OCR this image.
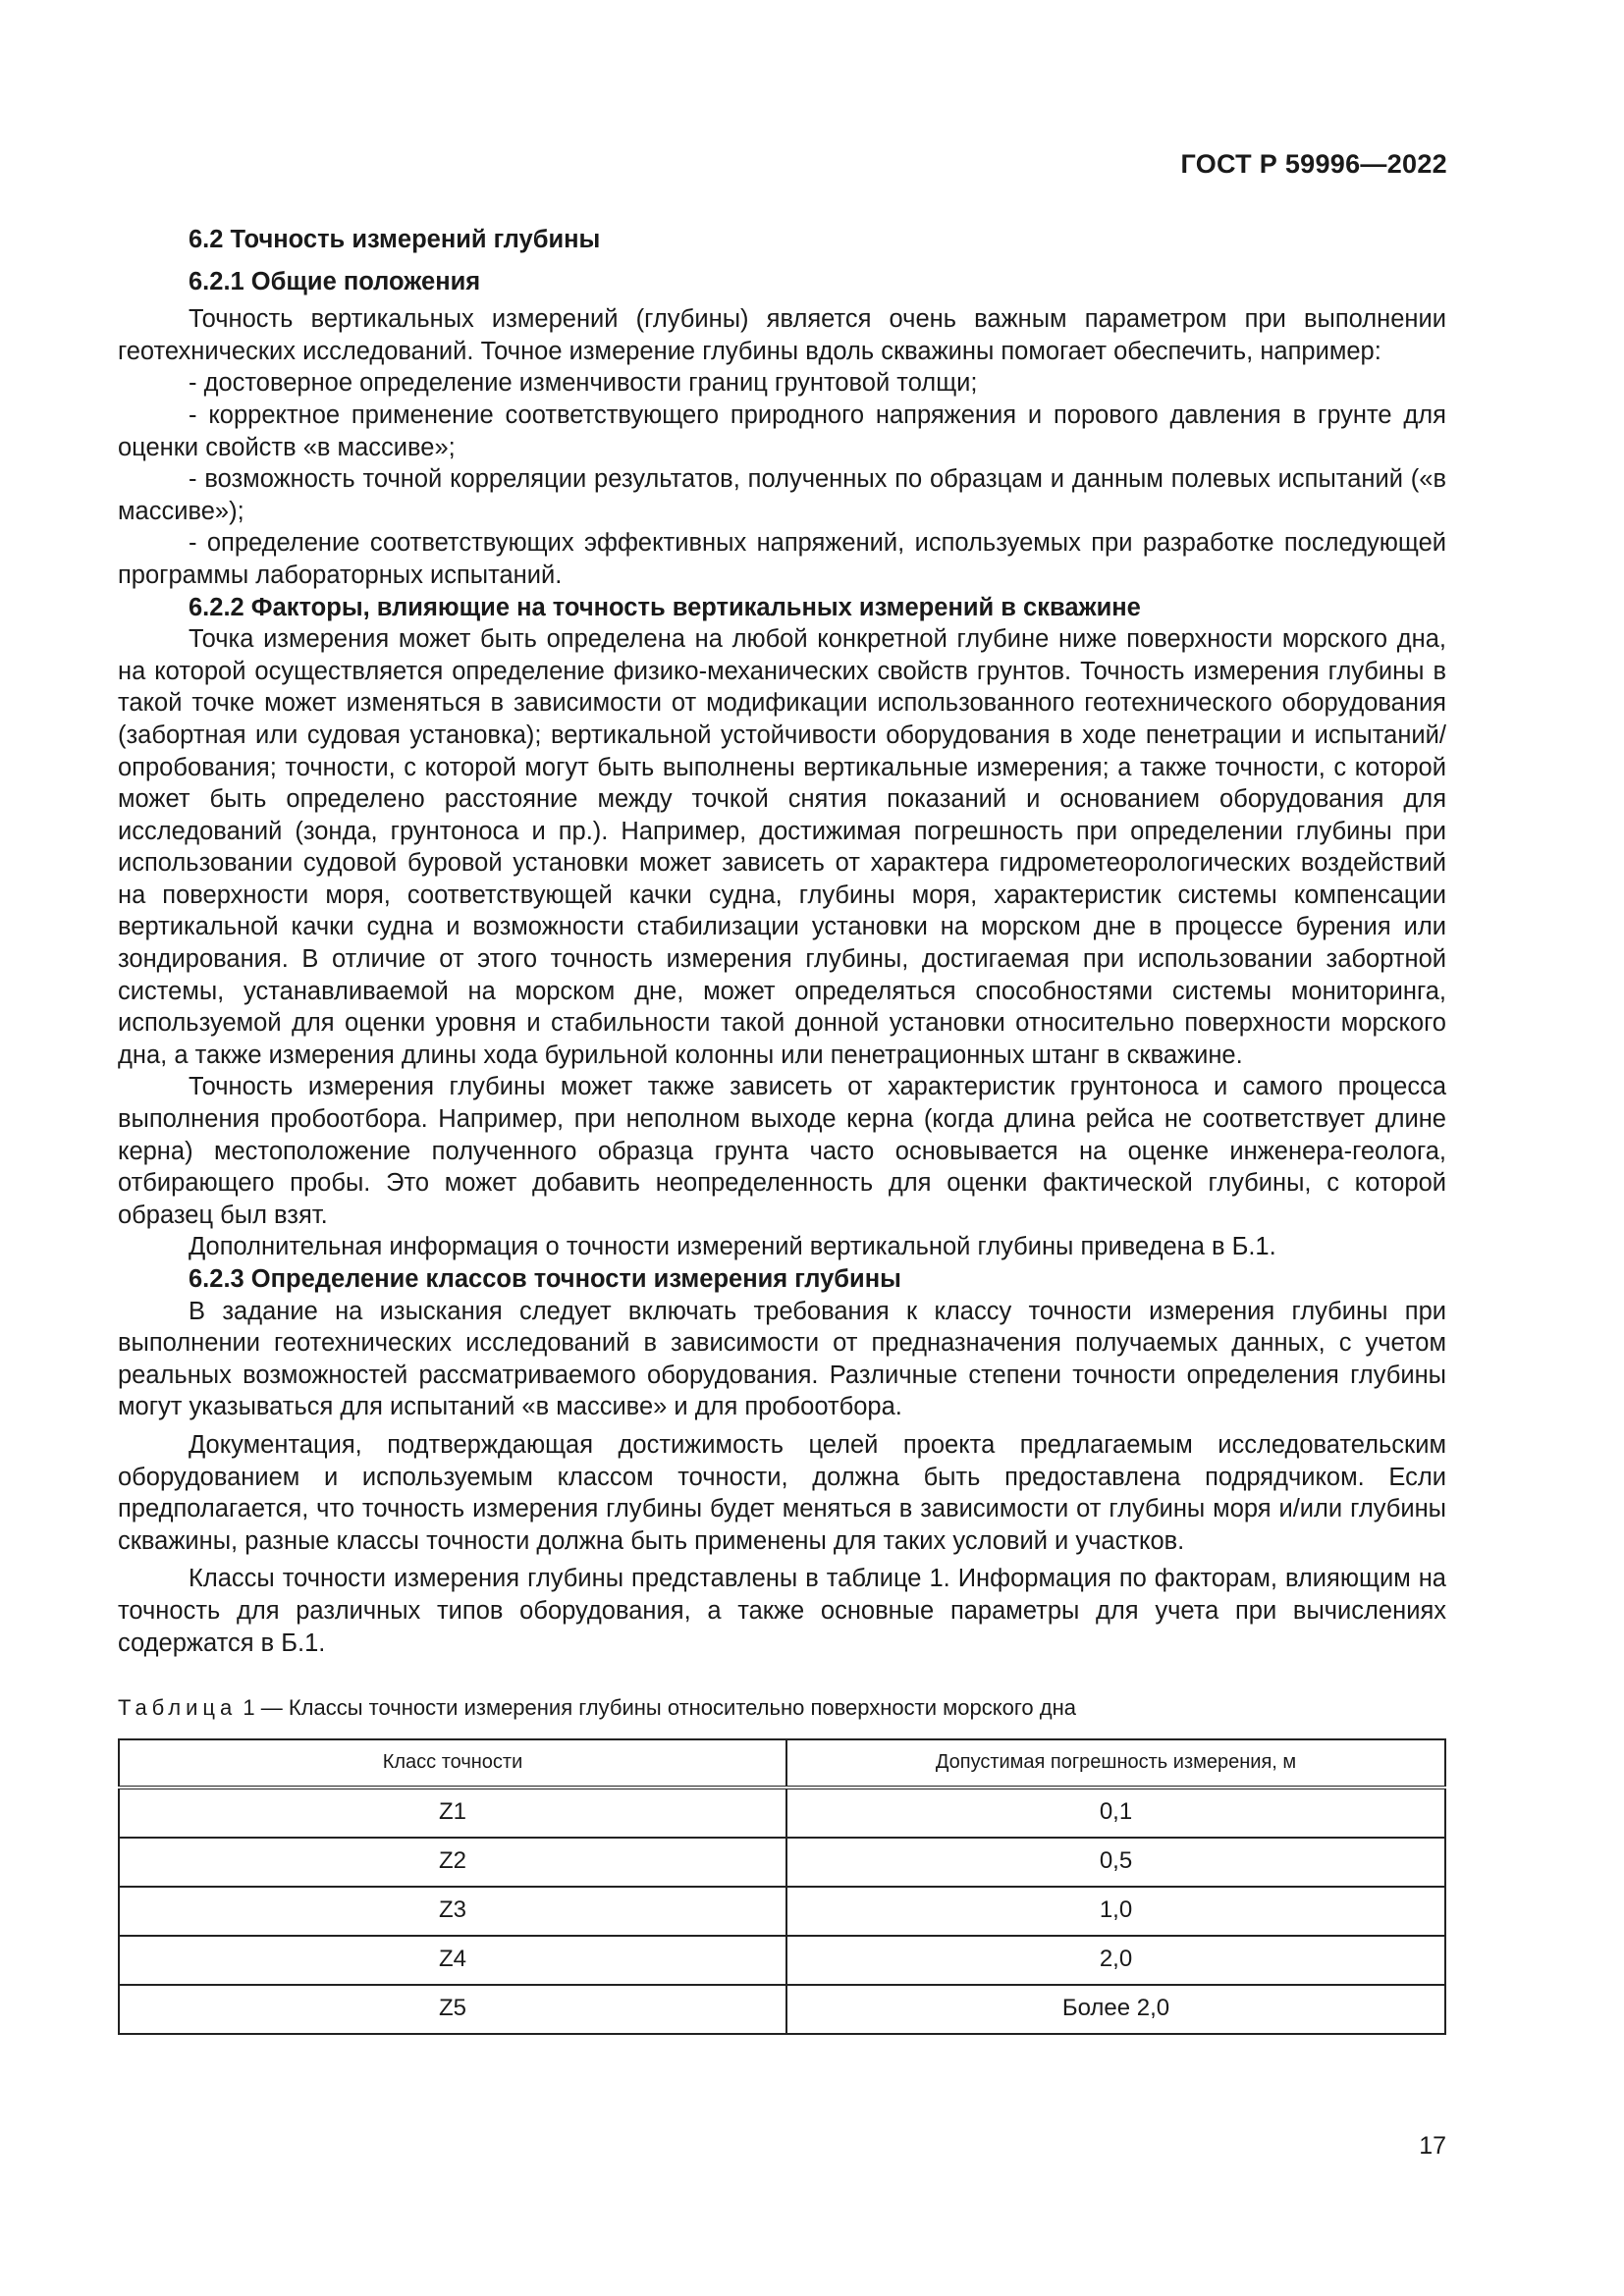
ГОСТ Р 59996—2022

6.2 Точность измерений глубины

6.2.1 Общие положения

Точность вертикальных измерений (глубины) является очень важным параметром при выполнении геотехнических исследований. Точное измерение глубины вдоль скважины помогает обеспечить, например:

- достоверное определение изменчивости границ грунтовой толщи;

- корректное применение соответствующего природного напряжения и порового давления в грунте для оценки свойств «в массиве»;

- возможность точной корреляции результатов, полученных по образцам и данным полевых испытаний («в массиве»);

- определение соответствующих эффективных напряжений, используемых при разработке последующей программы лабораторных испытаний.

6.2.2 Факторы, влияющие на точность вертикальных измерений в скважине

Точка измерения может быть определена на любой конкретной глубине ниже поверхности морского дна, на которой осуществляется определение физико-механических свойств грунтов. Точность измерения глубины в такой точке может изменяться в зависимости от модификации использованного геотехнического оборудования (забортная или судовая установка); вертикальной устойчивости оборудования в ходе пенетрации и испытаний/опробования; точности, с которой могут быть выполнены вертикальные измерения; а также точности, с которой может быть определено расстояние между точкой снятия показаний и основанием оборудования для исследований (зонда, грунтоноса и пр.). Например, достижимая погрешность при определении глубины при использовании судовой буровой установки может зависеть от характера гидрометеорологических воздействий на поверхности моря, соответствующей качки судна, глубины моря, характеристик системы компенсации вертикальной качки судна и возможности стабилизации установки на морском дне в процессе бурения или зондирования. В отличие от этого точность измерения глубины, достигаемая при использовании забортной системы, устанавливаемой на морском дне, может определяться способностями системы мониторинга, используемой для оценки уровня и стабильности такой донной установки относительно поверхности морского дна, а также измерения длины хода бурильной колонны или пенетрационных штанг в скважине.

Точность измерения глубины может также зависеть от характеристик грунтоноса и самого процесса выполнения пробоотбора. Например, при неполном выходе керна (когда длина рейса не соответствует длине керна) местоположение полученного образца грунта часто основывается на оценке инженера-геолога, отбирающего пробы. Это может добавить неопределенность для оценки фактической глубины, с которой образец был взят.

Дополнительная информация о точности измерений вертикальной глубины приведена в Б.1.

6.2.3 Определение классов точности измерения глубины

В задание на изыскания следует включать требования к классу точности измерения глубины при выполнении геотехнических исследований в зависимости от предназначения получаемых данных, с учетом реальных возможностей рассматриваемого оборудования. Различные степени точности определения глубины могут указываться для испытаний «в массиве» и для пробоотбора.

Документация, подтверждающая достижимость целей проекта предлагаемым исследовательским оборудованием и используемым классом точности, должна быть предоставлена подрядчиком. Если предполагается, что точность измерения глубины будет меняться в зависимости от глубины моря и/или глубины скважины, разные классы точности должна быть применены для таких условий и участков.

Классы точности измерения глубины представлены в таблице 1. Информация по факторам, влияющим на точность для различных типов оборудования, а также основные параметры для учета при вычислениях содержатся в Б.1.

Таблица 1 — Классы точности измерения глубины относительно поверхности морского дна
Класс точности	Допустимая погрешность измерения, м
Z1	0,1
Z2	0,5
Z3	1,0
Z4	2,0
Z5	Более 2,0
17
